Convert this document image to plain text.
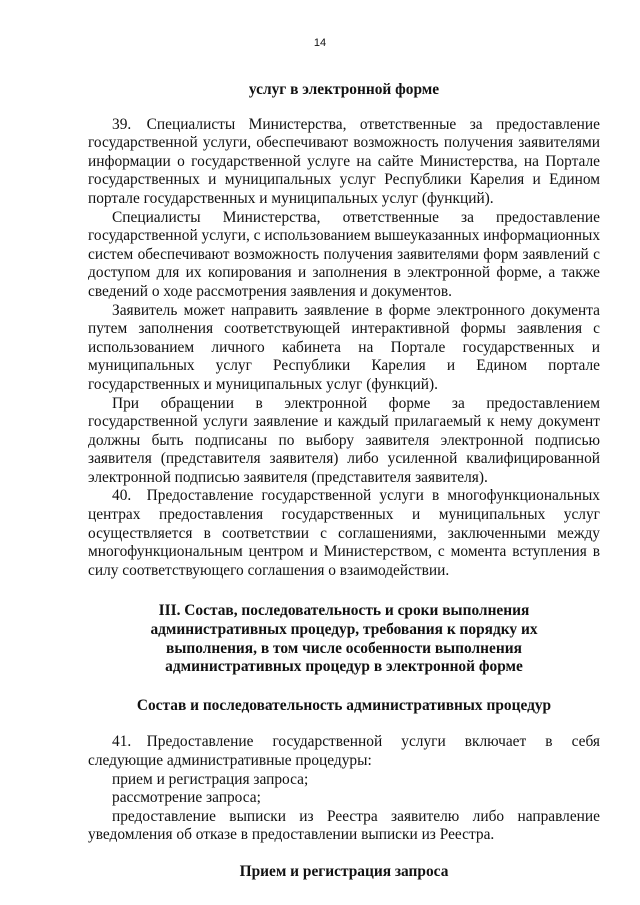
14
услуг в электронной форме

39. Специалисты Министерства, ответственные за предоставление государственной услуги, обеспечивают возможность получения заявителями информации о государственной услуге на сайте Министерства, на Портале государственных и муниципальных услуг Республики Карелия и Едином портале государственных и муниципальных услуг (функций).

Специалисты Министерства, ответственные за предоставление государственной услуги, с использованием вышеуказанных информационных систем обеспечивают возможность получения заявителями форм заявлений с доступом для их копирования и заполнения в электронной форме, а также сведений о ходе рассмотрения заявления и документов.

Заявитель может направить заявление в форме электронного документа путем заполнения соответствующей интерактивной формы заявления с использованием личного кабинета на Портале государственных и муниципальных услуг Республики Карелия и Едином портале государственных и муниципальных услуг (функций).

При обращении в электронной форме за предоставлением государственной услуги заявление и каждый прилагаемый к нему документ должны быть подписаны по выбору заявителя электронной подписью заявителя (представителя заявителя) либо усиленной квалифицированной электронной подписью заявителя (представителя заявителя).

40. Предоставление государственной услуги в многофункциональных центрах предоставления государственных и муниципальных услуг осуществляется в соответствии с соглашениями, заключенными между многофункциональным центром и Министерством, с момента вступления в силу соответствующего соглашения о взаимодействии.

III. Состав, последовательность и сроки выполнения
административных процедур, требования к порядку их
выполнения, в том числе особенности выполнения
административных процедур в электронной форме
Состав и последовательность административных процедур

41. Предоставление государственной услуги включает в себя следующие административные процедуры:

прием и регистрация запроса;

рассмотрение запроса;

предоставление выписки из Реестра заявителю либо направление уведомления об отказе в предоставлении выписки из Реестра.

Прием и регистрация запроса
